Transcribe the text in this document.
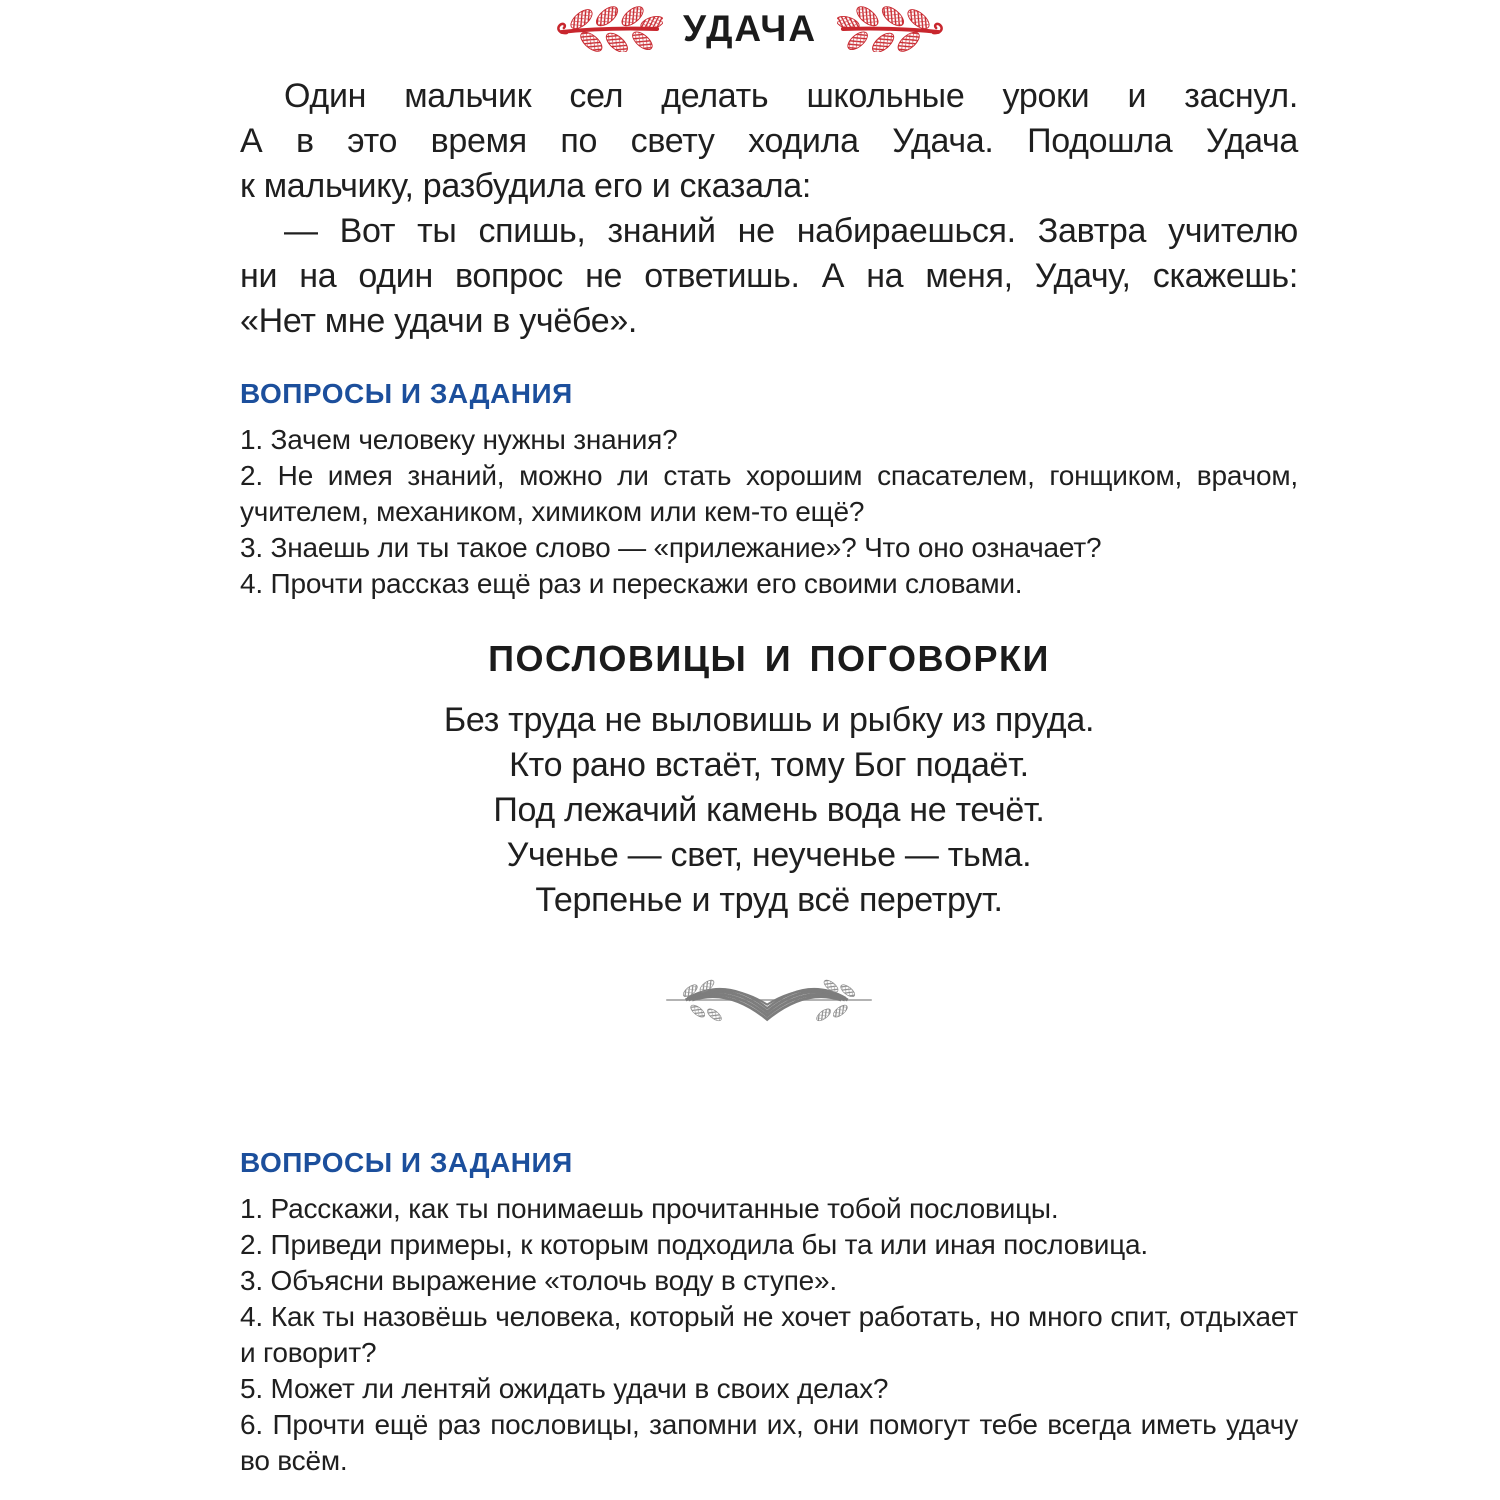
УДАЧА
Один мальчик сел делать школьные уроки и заснул.
А в это время по свету ходила Удача. Подошла Удача
к мальчику, разбудила его и сказала:
— Вот ты спишь, знаний не набираешься. Завтра учителю
ни на один вопрос не ответишь. А на меня, Удачу, скажешь:
«Нет мне удачи в учёбе».
ВОПРОСЫ И ЗАДАНИЯ
1. Зачем человеку нужны знания?
2. Не имея знаний, можно ли стать хорошим спасателем, гонщиком, врачом, учителем, механиком, химиком или кем-то ещё?
3. Знаешь ли ты такое слово — «прилежание»? Что оно означает?
4. Прочти рассказ ещё раз и перескажи его своими словами.
ПОСЛОВИЦЫ И ПОГОВОРКИ
Без труда не выловишь и рыбку из пруда.
Кто рано встаёт, тому Бог подаёт.
Под лежачий камень вода не течёт.
Ученье — свет, неученье — тьма.
Терпенье и труд всё перетрут.
ВОПРОСЫ И ЗАДАНИЯ
1. Расскажи, как ты понимаешь прочитанные тобой пословицы.
2. Приведи примеры, к которым подходила бы та или иная пословица.
3. Объясни выражение «толочь воду в ступе».
4. Как ты назовёшь человека, который не хочет работать, но много спит, отдыхает и говорит?
5. Может ли лентяй ожидать удачи в своих делах?
6. Прочти ещё раз пословицы, запомни их, они помогут тебе всегда иметь удачу во всём.
